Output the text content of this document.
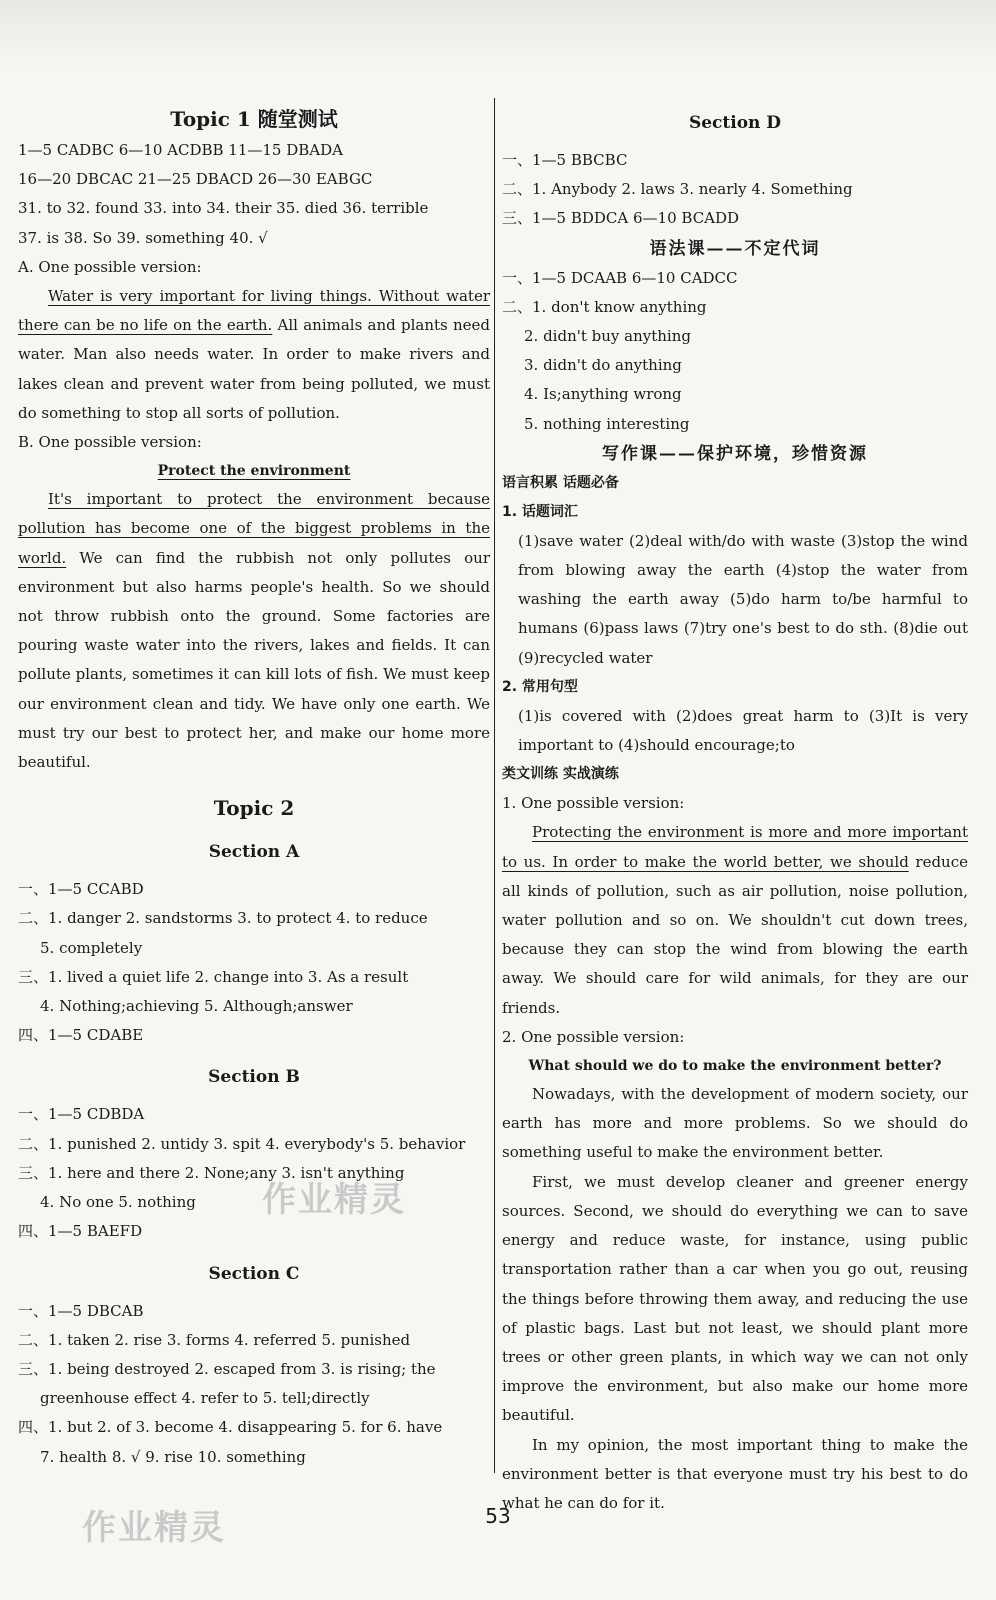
Topic 1 随堂测试
1—5 CADBC 6—10 ACDBB 11—15 DBADA
16—20 DBCAC 21—25 DBACD 26—30 EABGC
31. to 32. found 33. into 34. their 35. died 36. terrible
37. is 38. So 39. something 40. √
A. One possible version:

Water is very important for living things. Without water there can be no life on the earth. All animals and plants need water. Man also needs water. In order to make rivers and lakes clean and prevent water from being polluted, we must do something to stop all sorts of pollution.

B. One possible version:
Protect the environment

It's important to protect the environment because pollution has become one of the biggest problems in the world. We can find the rubbish not only pollutes our environment but also harms people's health. So we should not throw rubbish onto the ground. Some factories are pouring waste water into the rivers, lakes and fields. It can pollute plants, sometimes it can kill lots of fish. We must keep our environment clean and tidy. We have only one earth. We must try our best to protect her, and make our home more beautiful.

Topic 2
Section A
一、1—5 CCABD
二、1. danger 2. sandstorms 3. to protect 4. to reduce
5. completely
三、1. lived a quiet life 2. change into 3. As a result
4. Nothing;achieving 5. Although;answer
四、1—5 CDABE
Section B
一、1—5 CDBDA
二、1. punished 2. untidy 3. spit 4. everybody's 5. behavior
三、1. here and there 2. None;any 3. isn't anything
4. No one 5. nothing
四、1—5 BAEFD
Section C
一、1—5 DBCAB
二、1. taken 2. rise 3. forms 4. referred 5. punished
三、1. being destroyed 2. escaped from 3. is rising; the
greenhouse effect 4. refer to 5. tell;directly
四、1. but 2. of 3. become 4. disappearing 5. for 6. have
7. health 8. √ 9. rise 10. something
Section D
一、1—5 BBCBC
二、1. Anybody 2. laws 3. nearly 4. Something
三、1—5 BDDCA 6—10 BCADD
语法课——不定代词
一、1—5 DCAAB 6—10 CADCC
二、1. don't know anything
2. didn't buy anything
3. didn't do anything
4. Is;anything wrong
5. nothing interesting
写作课——保护环境，珍惜资源
语言积累 话题必备
1. 话题词汇

(1)save water (2)deal with/do with waste (3)stop the wind from blowing away the earth (4)stop the water from washing the earth away (5)do harm to/be harmful to humans (6)pass laws (7)try one's best to do sth. (8)die out (9)recycled water

2. 常用句型

(1)is covered with (2)does great harm to (3)It is very important to (4)should encourage;to

类文训练 实战演练
1. One possible version:

Protecting the environment is more and more important to us. In order to make the world better, we should reduce all kinds of pollution, such as air pollution, noise pollution, water pollution and so on. We shouldn't cut down trees, because they can stop the wind from blowing the earth away. We should care for wild animals, for they are our friends.

2. One possible version:
What should we do to make the environment better?

Nowadays, with the development of modern society, our earth has more and more problems. So we should do something useful to make the environment better.

First, we must develop cleaner and greener energy sources. Second, we should do everything we can to save energy and reduce waste, for instance, using public transportation rather than a car when you go out, reusing the things before throwing them away, and reducing the use of plastic bags. Last but not least, we should plant more trees or other green plants, in which way we can not only improve the environment, but also make our home more beautiful.

In my opinion, the most important thing to make the environment better is that everyone must try his best to do what he can do for it.

53
作业精灵
作业精灵
